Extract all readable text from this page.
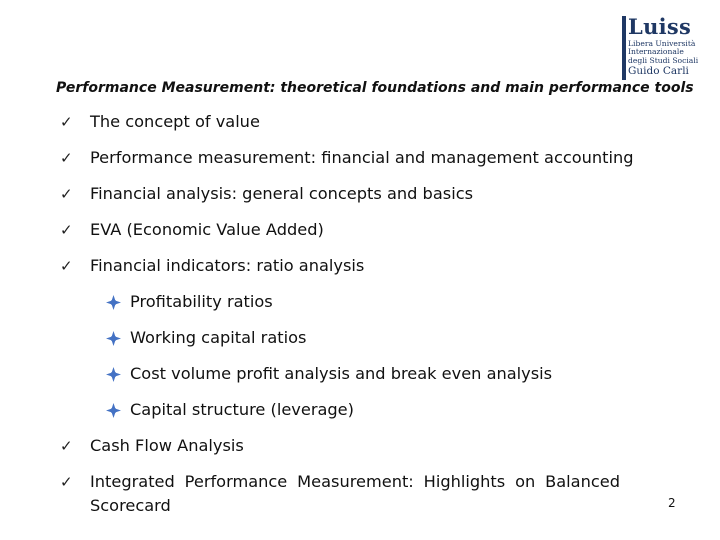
Luiss
Libera Università
Internazionale
degli Studi Sociali
Guido Carli
Performance Measurement: theoretical foundations and main performance tools
✓	The concept of value
✓	Performance measurement: financial and management accounting
✓	Financial analysis: general concepts and basics
✓	EVA (Economic Value Added)
✓	Financial indicators: ratio analysis
Profitability ratios
Working capital ratios
Cost volume profit analysis and break even analysis
Capital structure (leverage)
✓	Cash Flow Analysis
✓	Integrated Performance Measurement: Highlights on Balanced Scorecard	2
